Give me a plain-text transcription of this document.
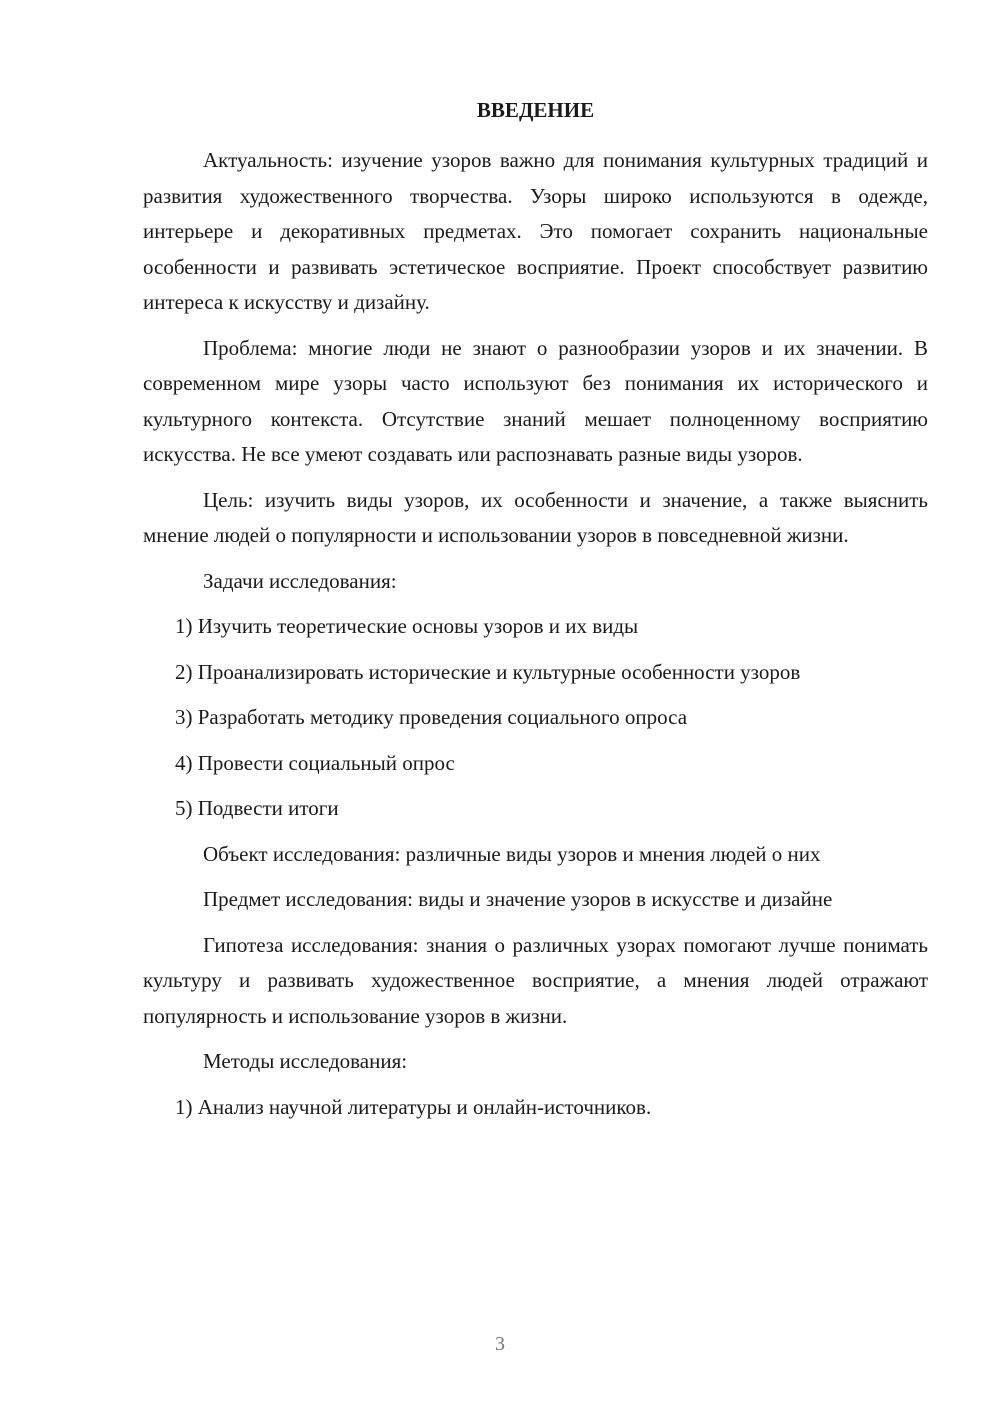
ВВЕДЕНИЕ

Актуальность: изучение узоров важно для понимания культурных традиций и развития художественного творчества. Узоры широко используются в одежде, интерьере и декоративных предметах. Это помогает сохранить национальные особенности и развивать эстетическое восприятие. Проект способствует развитию интереса к искусству и дизайну.

Проблема: многие люди не знают о разнообразии узоров и их значении. В современном мире узоры часто используют без понимания их исторического и культурного контекста. Отсутствие знаний мешает полноценному восприятию искусства. Не все умеют создавать или распознавать разные виды узоров.

Цель: изучить виды узоров, их особенности и значение, а также выяснить мнение людей о популярности и использовании узоров в повседневной жизни.

Задачи исследования:

1) Изучить теоретические основы узоров и их виды
2) Проанализировать исторические и культурные особенности узоров
3) Разработать методику проведения социального опроса
4) Провести социальный опрос
5) Подвести итоги

Объект исследования: различные виды узоров и мнения людей о них

Предмет исследования: виды и значение узоров в искусстве и дизайне

Гипотеза исследования: знания о различных узорах помогают лучше понимать культуру и развивать художественное восприятие, а мнения людей отражают популярность и использование узоров в жизни.

Методы исследования:

1) Анализ научной литературы и онлайн-источников.
3
